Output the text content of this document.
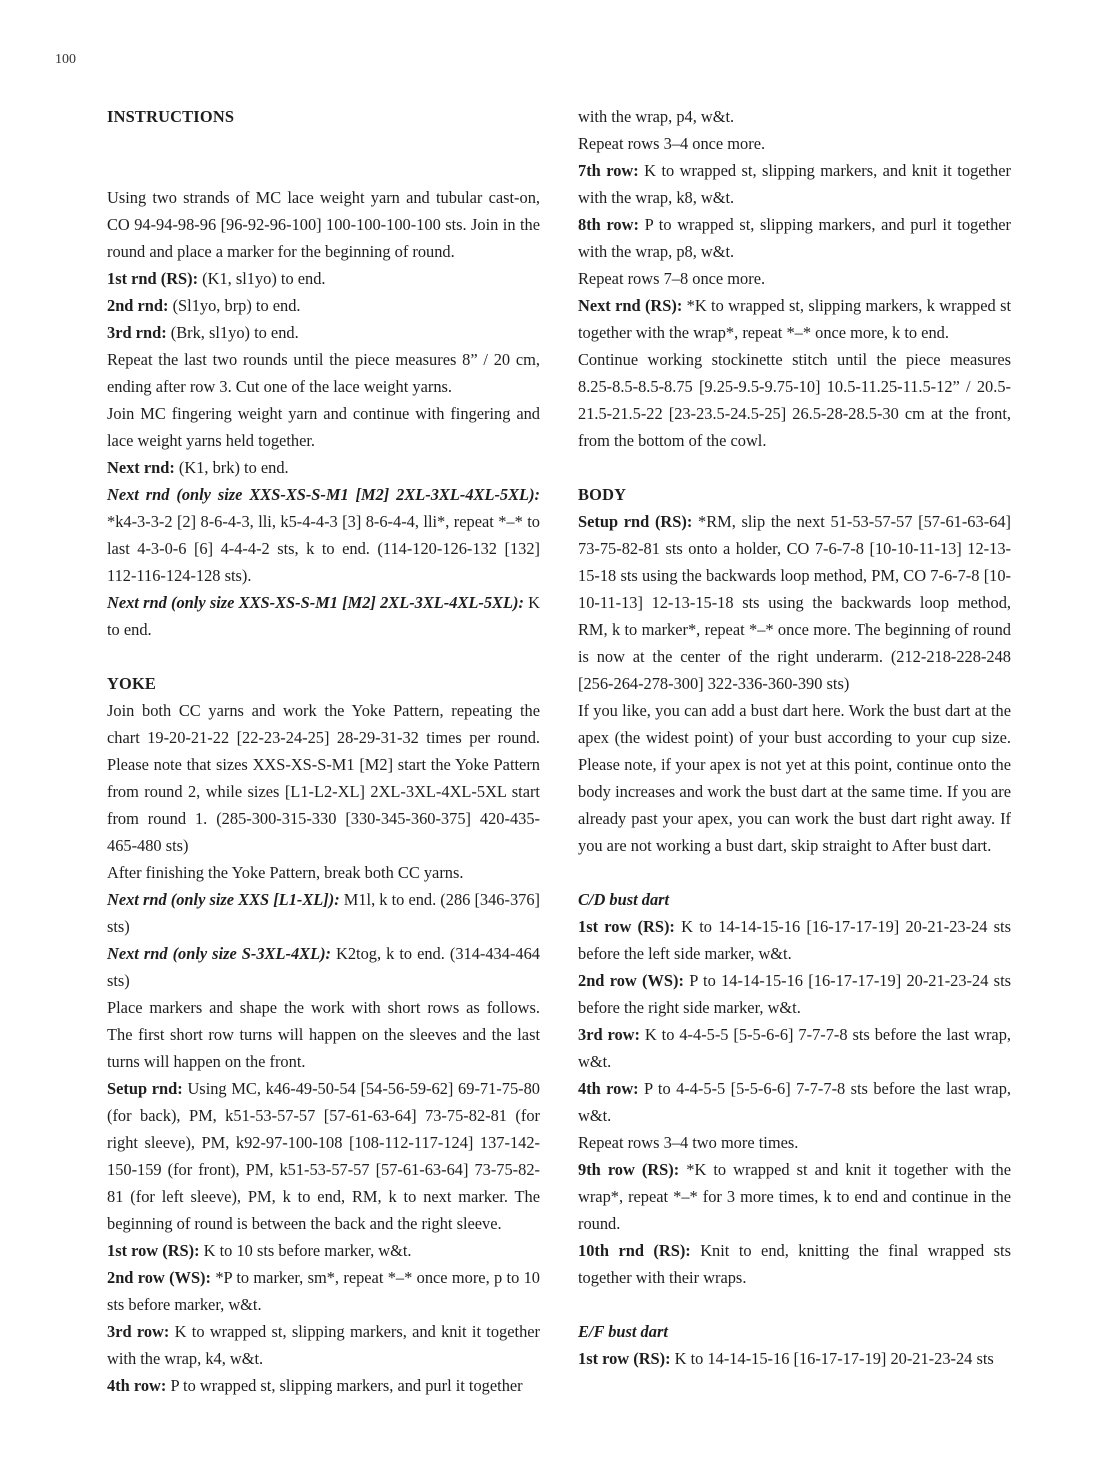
100

INSTRUCTIONS

Using two strands of MC lace weight yarn and tubular cast-on, CO 94-94-98-96 [96-92-96-100] 100-100-100-100 sts. Join in the round and place a marker for the beginning of round.

1st rnd (RS): (K1, sl1yo) to end.

2nd rnd: (Sl1yo, brp) to end.

3rd rnd: (Brk, sl1yo) to end.

Repeat the last two rounds until the piece measures 8” / 20 cm, ending after row 3. Cut one of the lace weight yarns.

Join MC fingering weight yarn and continue with fingering and lace weight yarns held together.

Next rnd: (K1, brk) to end.

Next rnd (only size XXS-XS-S-M1 [M2] 2XL-3XL-4XL-5XL): *k4-3-3-2 [2] 8-6-4-3, lli, k5-4-4-3 [3] 8-6-4-4, lli*, repeat *–* to last 4-3-0-6 [6] 4-4-4-2 sts, k to end. (114-120-126-132 [132] 112-116-124-128 sts).

Next rnd (only size XXS-XS-S-M1 [M2] 2XL-3XL-4XL-5XL): K to end.

YOKE

Join both CC yarns and work the Yoke Pattern, repeating the chart 19-20-21-22 [22-23-24-25] 28-29-31-32 times per round. Please note that sizes XXS-XS-S-M1 [M2] start the Yoke Pattern from round 2, while sizes [L1-L2-XL] 2XL-3XL-4XL-5XL start from round 1. (285-300-315-330 [330-345-360-375] 420-435-465-480 sts)

After finishing the Yoke Pattern, break both CC yarns.

Next rnd (only size XXS [L1-XL]): M1l, k to end. (286 [346-376] sts)

Next rnd (only size S-3XL-4XL): K2tog, k to end. (314-434-464 sts)

Place markers and shape the work with short rows as follows. The first short row turns will happen on the sleeves and the last turns will happen on the front.

Setup rnd: Using MC, k46-49-50-54 [54-56-59-62] 69-71-75-80 (for back), PM, k51-53-57-57 [57-61-63-64] 73-75-82-81 (for right sleeve), PM, k92-97-100-108 [108-112-117-124] 137-142-150-159 (for front), PM, k51-53-57-57 [57-61-63-64] 73-75-82-81 (for left sleeve), PM, k to end, RM, k to next marker. The beginning of round is between the back and the right sleeve.

1st row (RS): K to 10 sts before marker, w&t.

2nd row (WS): *P to marker, sm*, repeat *–* once more, p to 10 sts before marker, w&t.

3rd row: K to wrapped st, slipping markers, and knit it together with the wrap, k4, w&t.

4th row: P to wrapped st, slipping markers, and purl it together

with the wrap, p4, w&t.

Repeat rows 3–4 once more.

7th row: K to wrapped st, slipping markers, and knit it together with the wrap, k8, w&t.

8th row: P to wrapped st, slipping markers, and purl it together with the wrap, p8, w&t.

Repeat rows 7–8 once more.

Next rnd (RS): *K to wrapped st, slipping markers, k wrapped st together with the wrap*, repeat *–* once more, k to end.

Continue working stockinette stitch until the piece measures 8.25-8.5-8.5-8.75 [9.25-9.5-9.75-10] 10.5-11.25-11.5-12” / 20.5-21.5-21.5-22 [23-23.5-24.5-25] 26.5-28-28.5-30 cm at the front, from the bottom of the cowl.

BODY

Setup rnd (RS): *RM, slip the next 51-53-57-57 [57-61-63-64] 73-75-82-81 sts onto a holder, CO 7-6-7-8 [10-10-11-13] 12-13-15-18 sts using the backwards loop method, PM, CO 7-6-7-8 [10-10-11-13] 12-13-15-18 sts using the backwards loop method, RM, k to marker*, repeat *–* once more. The beginning of round is now at the center of the right underarm. (212-218-228-248 [256-264-278-300] 322-336-360-390 sts)

If you like, you can add a bust dart here. Work the bust dart at the apex (the widest point) of your bust according to your cup size. Please note, if your apex is not yet at this point, continue onto the body increases and work the bust dart at the same time. If you are already past your apex, you can work the bust dart right away. If you are not working a bust dart, skip straight to After bust dart.

C/D bust dart

1st row (RS): K to 14-14-15-16 [16-17-17-19] 20-21-23-24 sts before the left side marker, w&t.

2nd row (WS): P to 14-14-15-16 [16-17-17-19] 20-21-23-24 sts before the right side marker, w&t.

3rd row: K to 4-4-5-5 [5-5-6-6] 7-7-7-8 sts before the last wrap, w&t.

4th row: P to 4-4-5-5 [5-5-6-6] 7-7-7-8 sts before the last wrap, w&t.

Repeat rows 3–4 two more times.

9th row (RS): *K to wrapped st and knit it together with the wrap*, repeat *–* for 3 more times, k to end and continue in the round.

10th rnd (RS): Knit to end, knitting the final wrapped sts together with their wraps.

E/F bust dart

1st row (RS): K to 14-14-15-16 [16-17-17-19] 20-21-23-24 sts
